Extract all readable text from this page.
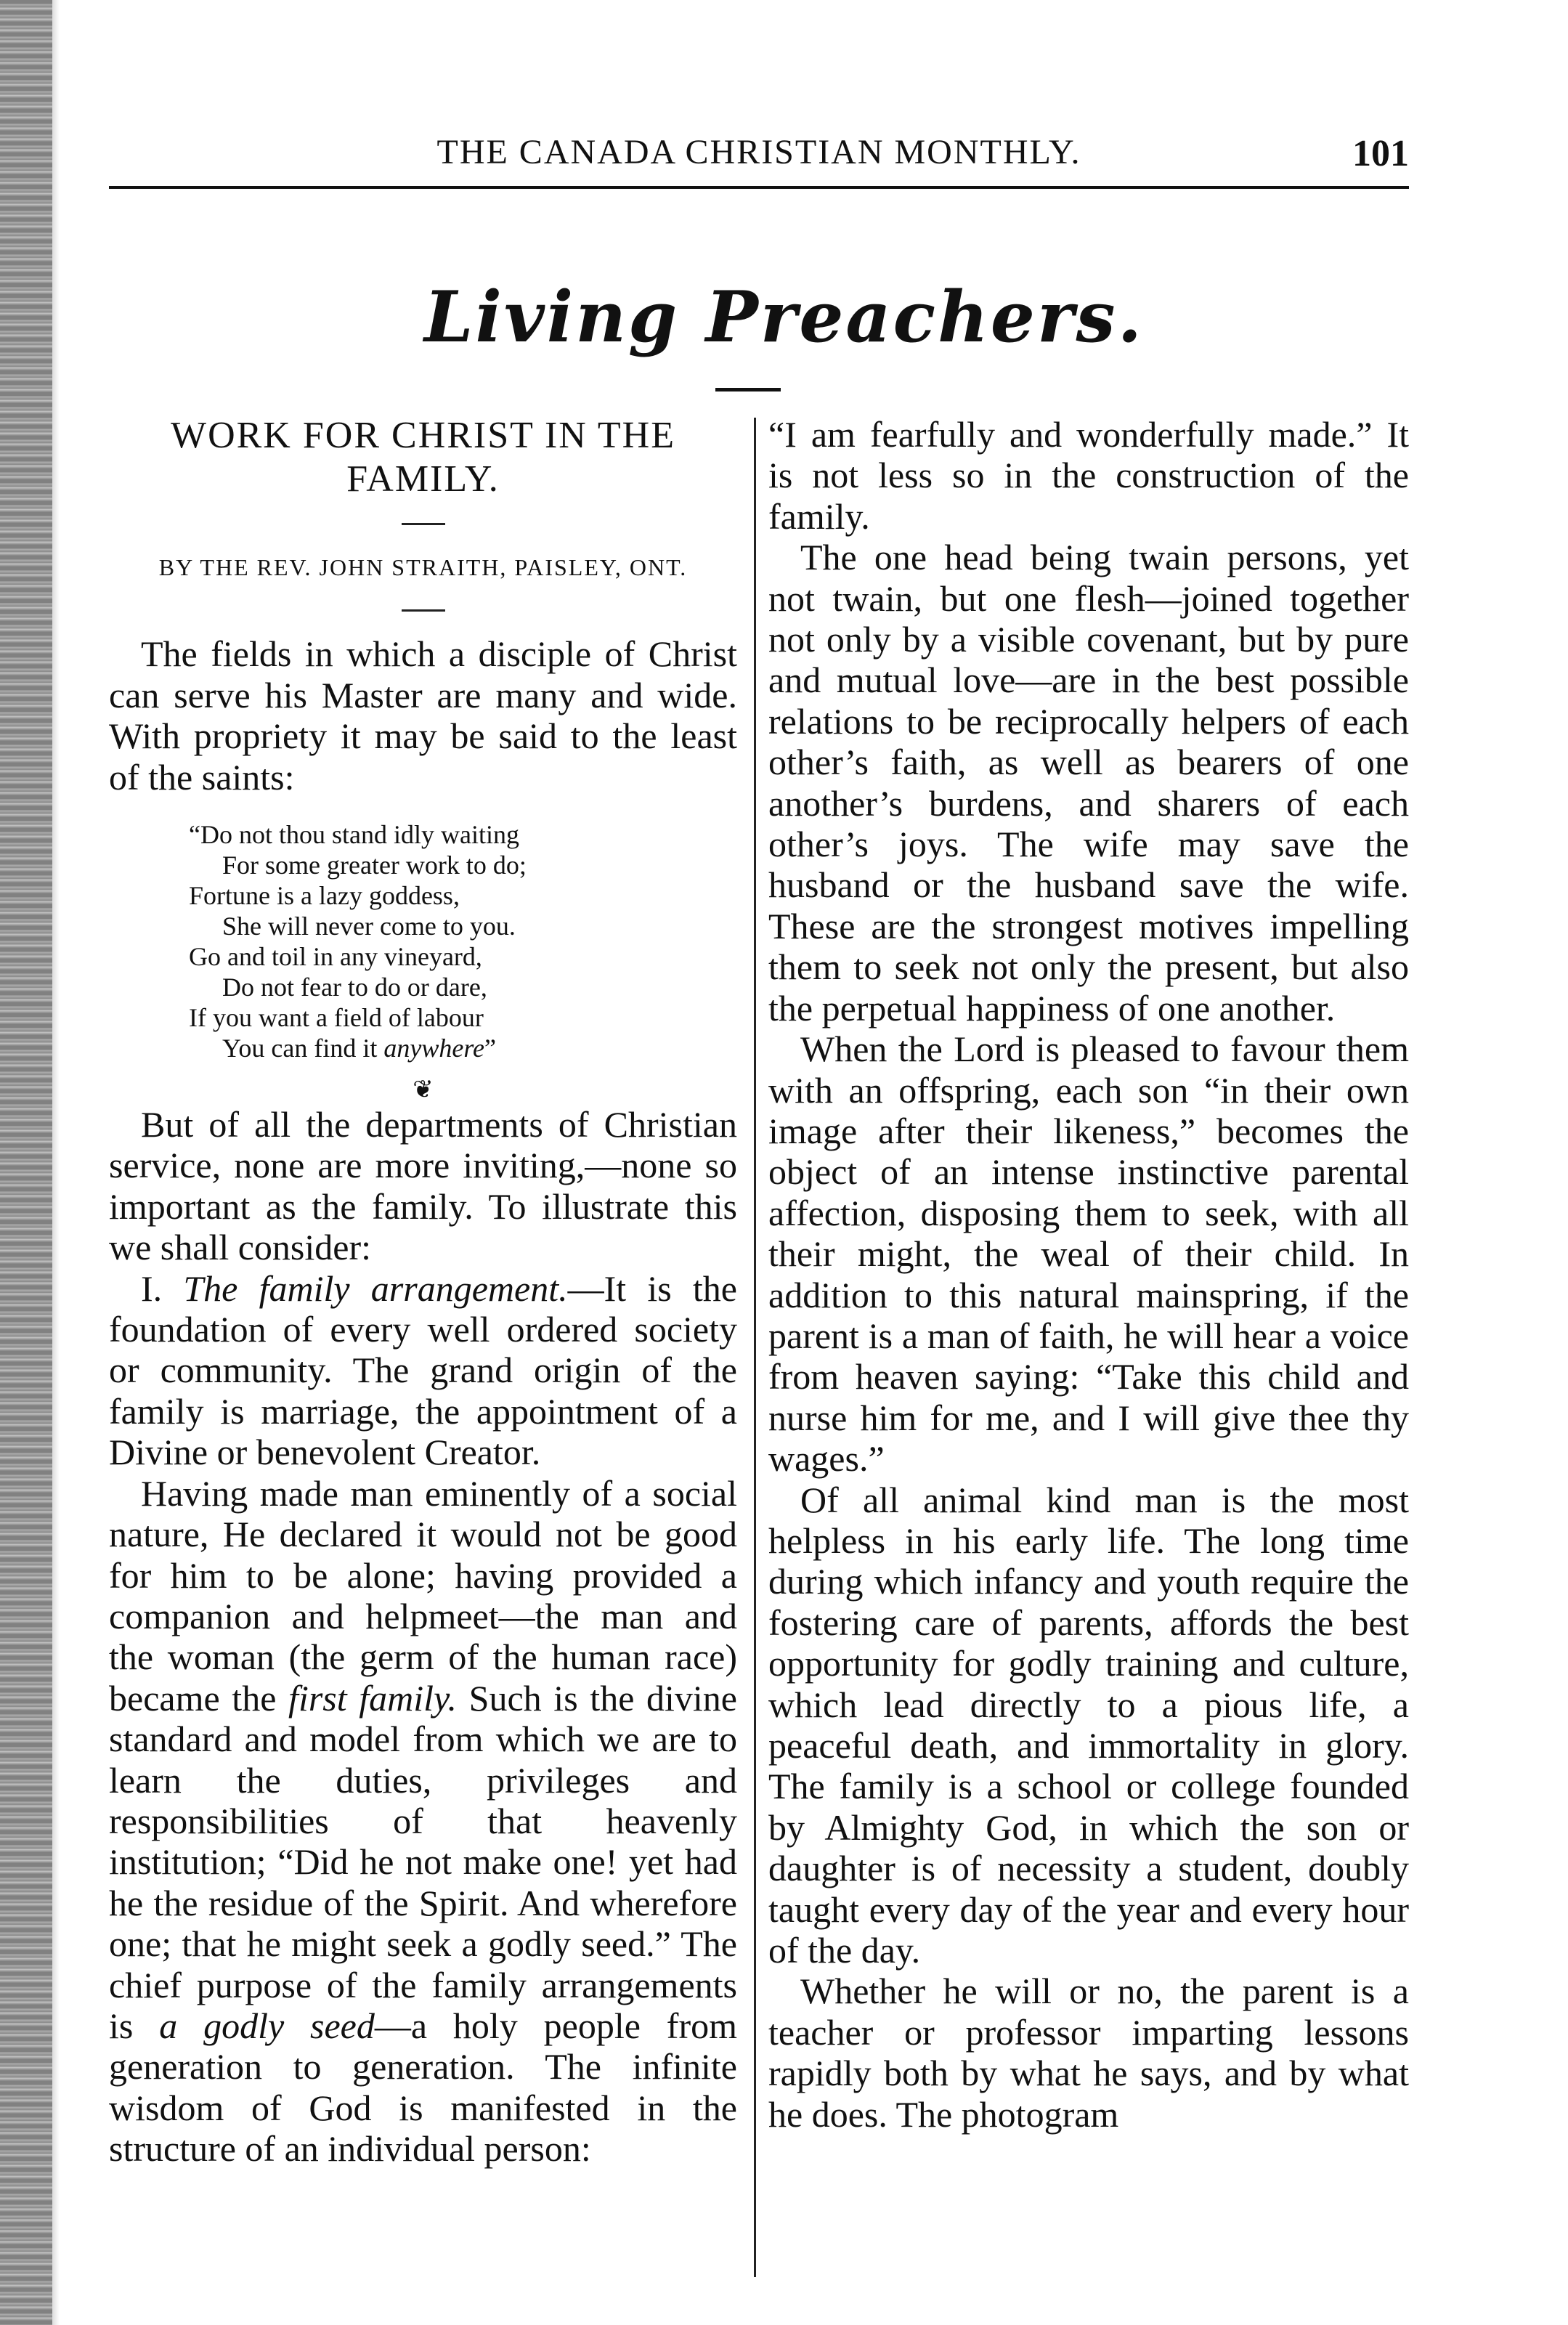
THE CANADA CHRISTIAN MONTHLY.	101
Living Preachers.
WORK FOR CHRIST IN THE FAMILY.
BY THE REV. JOHN STRAITH, PAISLEY, ONT.

The fields in which a disciple of Christ can serve his Master are many and wide. With propriety it may be said to the least of the saints:

“Do not thou stand idly waiting
For some greater work to do;
Fortune is a lazy goddess,
She will never come to you.
Go and toil in any vineyard,
Do not fear to do or dare,
If you want a field of labour
You can find it anywhere”
❦

But of all the departments of Christian service, none are more inviting,—none so important as the family. To illustrate this we shall consider:

I. The family arrangement.—It is the foundation of every well ordered society or community. The grand origin of the family is marriage, the appointment of a Divine or benevolent Creator.

Having made man eminently of a social nature, He declared it would not be good for him to be alone; having provided a companion and helpmeet—the man and the woman (the germ of the human race) became the first family. Such is the divine standard and model from which we are to learn the duties, privileges and responsibilities of that heavenly institution; “Did he not make one! yet had he the residue of the Spirit. And wherefore one; that he might seek a godly seed.” The chief purpose of the family arrangements is a godly seed—a holy people from generation to generation. The infinite wisdom of God is manifested in the structure of an individual person:

“I am fearfully and wonderfully made.” It is not less so in the construction of the family.

The one head being twain persons, yet not twain, but one flesh—joined together not only by a visible covenant, but by pure and mutual love—are in the best possible relations to be reciprocally helpers of each other’s faith, as well as bearers of one another’s burdens, and sharers of each other’s joys. The wife may save the husband or the husband save the wife. These are the strongest motives impelling them to seek not only the present, but also the perpetual happiness of one another.

When the Lord is pleased to favour them with an offspring, each son “in their own image after their likeness,” becomes the object of an intense instinctive parental affection, disposing them to seek, with all their might, the weal of their child. In addition to this natural mainspring, if the parent is a man of faith, he will hear a voice from heaven saying: “Take this child and nurse him for me, and I will give thee thy wages.”

Of all animal kind man is the most helpless in his early life. The long time during which infancy and youth require the fostering care of parents, affords the best opportunity for godly training and culture, which lead directly to a pious life, a peaceful death, and immortality in glory. The family is a school or college founded by Almighty God, in which the son or daughter is of necessity a student, doubly taught every day of the year and every hour of the day.

Whether he will or no, the parent is a teacher or professor imparting lessons rapidly both by what he says, and by what he does. The photogram
